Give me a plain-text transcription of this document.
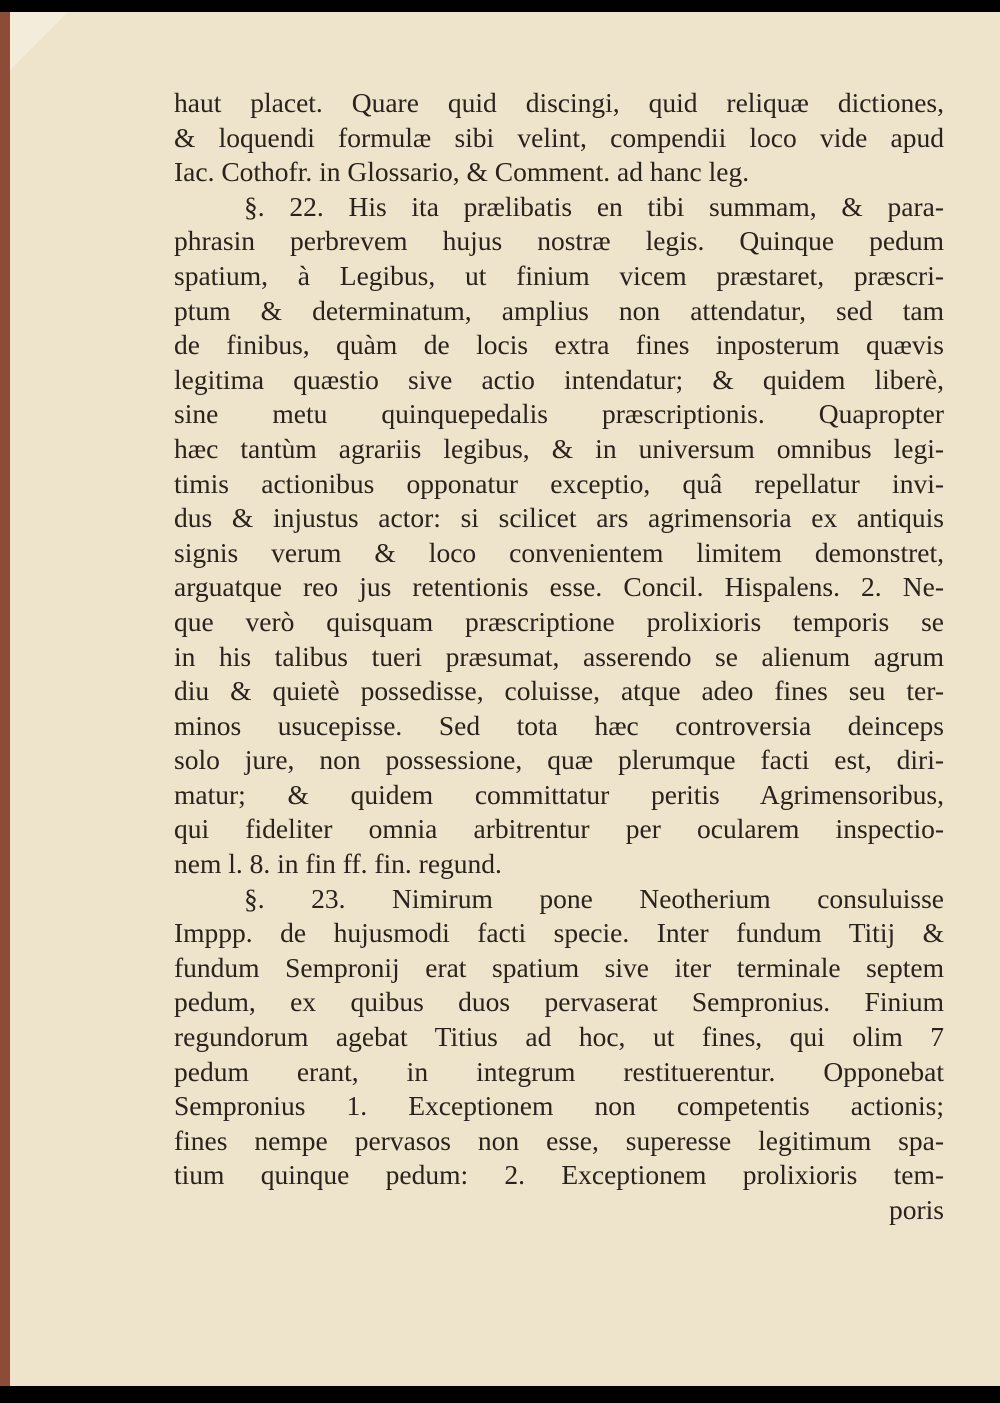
haut placet. Quare quid discingi, quid reliquæ dictiones,
& loquendi formulæ sibi velint, compendii loco vide apud
Iac. Cothofr. in Glossario, & Comment. ad hanc leg.
§. 22. His ita prælibatis en tibi summam, & para-
phrasin perbrevem hujus nostræ legis. Quinque pedum
spatium, à Legibus, ut finium vicem præstaret, præscri-
ptum & determinatum, amplius non attendatur, sed tam
de finibus, quàm de locis extra fines inposterum quævis
legitima quæstio sive actio intendatur; & quidem liberè,
sine metu quinquepedalis præscriptionis. Quapropter
hæc tantùm agrariis legibus, & in universum omnibus legi-
timis actionibus opponatur exceptio, quâ repellatur invi-
dus & injustus actor: si scilicet ars agrimensoria ex antiquis
signis verum & loco convenientem limitem demonstret,
arguatque reo jus retentionis esse. Concil. Hispalens. 2. Ne-
que verò quisquam præscriptione prolixioris temporis se
in his talibus tueri præsumat, asserendo se alienum agrum
diu & quietè possedisse, coluisse, atque adeo fines seu ter-
minos usucepisse. Sed tota hæc controversia deinceps
solo jure, non possessione, quæ plerumque facti est, diri-
matur; & quidem committatur peritis Agrimensoribus,
qui fideliter omnia arbitrentur per ocularem inspectio-
nem l. 8. in fin ff. fin. regund.
§. 23. Nimirum pone Neotherium consuluisse
Imppp. de hujusmodi facti specie. Inter fundum Titij &
fundum Sempronij erat spatium sive iter terminale septem
pedum, ex quibus duos pervaserat Sempronius. Finium
regundorum agebat Titius ad hoc, ut fines, qui olim 7
pedum erant, in integrum restituerentur. Opponebat
Sempronius 1. Exceptionem non competentis actionis;
fines nempe pervasos non esse, superesse legitimum spa-
tium quinque pedum: 2. Exceptionem prolixioris tem-
poris
